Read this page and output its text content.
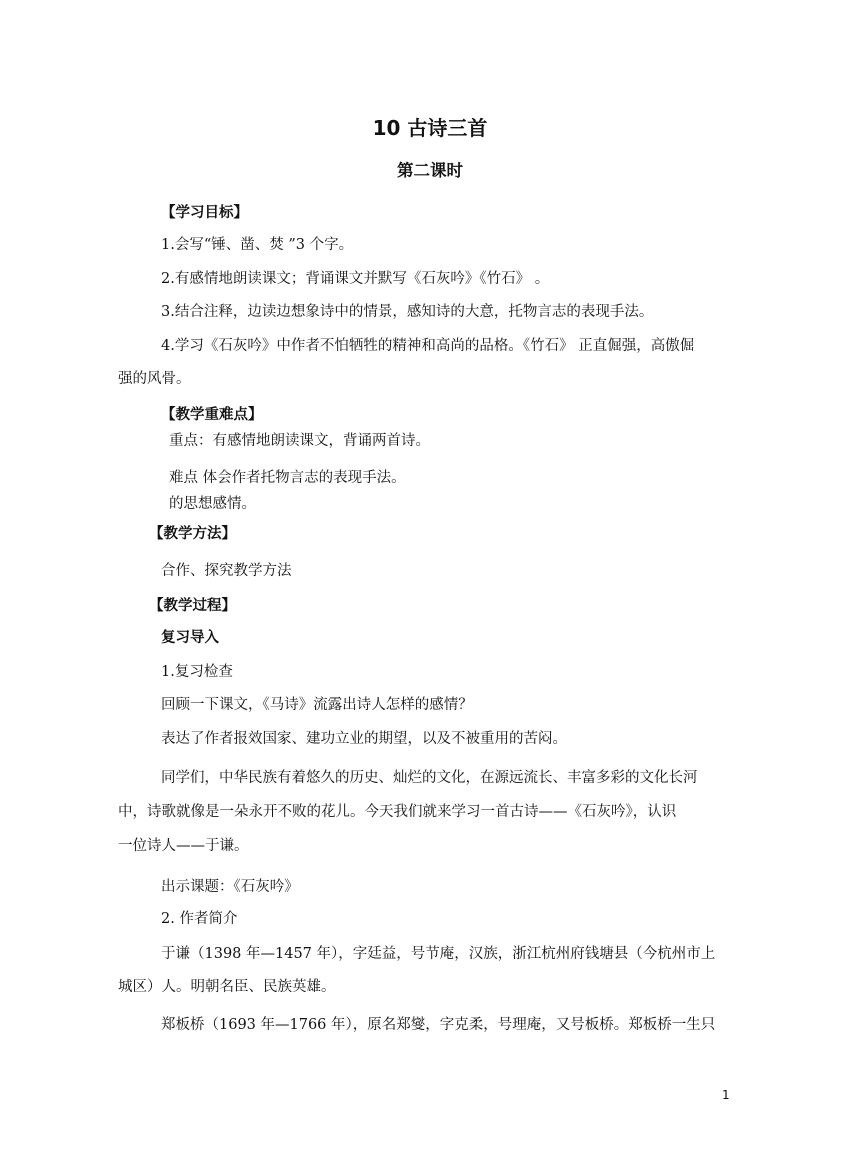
10 古诗三首
第二课时
【学习目标】
1.会写“锤、凿、焚 ”3 个字。
2.有感情地朗读课文；背诵课文并默写《石灰吟》《竹石》 。
3.结合注释，边读边想象诗中的情景，感知诗的大意，托物言志的表现手法。
4.学习《石灰吟》中作者不怕牺牲的精神和高尚的品格。《竹石》 正直倔强，高傲倔
强的风骨。
【教学重难点】
重点：有感情地朗读课文，背诵两首诗。
难点 体会作者托物言志的表现手法。
的思想感情。
【教学方法】
合作、探究教学方法
【教学过程】
复习导入
1.复习检查
回顾一下课文，《马诗》流露出诗人怎样的感情？
表达了作者报效国家、建功立业的期望，以及不被重用的苦闷。
同学们，中华民族有着悠久的历史、灿烂的文化，在源远流长、丰富多彩的文化长河
中，诗歌就像是一朵永开不败的花儿。今天我们就来学习一首古诗——《石灰吟》，认识
一位诗人——于谦。
出示课题：《石灰吟》
2. 作者简介
于谦（1398 年—1457 年），字廷益，号节庵，汉族，浙江杭州府钱塘县（今杭州市上
城区）人。明朝名臣、民族英雄。
郑板桥（1693 年—1766 年），原名郑燮，字克柔，号理庵，又号板桥。郑板桥一生只
1
